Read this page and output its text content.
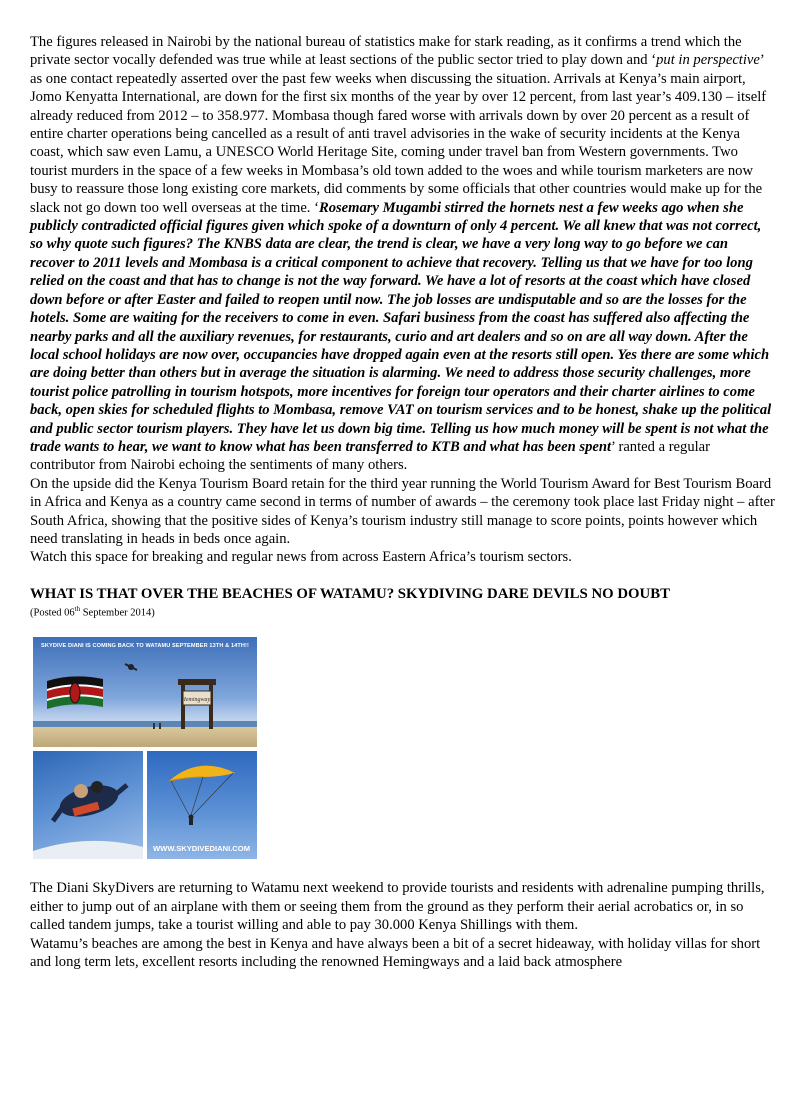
The figures released in Nairobi by the national bureau of statistics make for stark reading, as it confirms a trend which the private sector vocally defended was true while at least sections of the public sector tried to play down and ‘put in perspective’ as one contact repeatedly asserted over the past few weeks when discussing the situation. Arrivals at Kenya’s main airport, Jomo Kenyatta International, are down for the first six months of the year by over 12 percent, from last year’s 409.130 – itself already reduced from 2012 – to 358.977. Mombasa though fared worse with arrivals down by over 20 percent as a result of entire charter operations being cancelled as a result of anti travel advisories in the wake of security incidents at the Kenya coast, which saw even Lamu, a UNESCO World Heritage Site, coming under travel ban from Western governments. Two tourist murders in the space of a few weeks in Mombasa’s old town added to the woes and while tourism marketers are now busy to reassure those long existing core markets, did comments by some officials that other countries would make up for the slack not go down too well overseas at the time. ‘Rosemary Mugambi stirred the hornets nest a few weeks ago when she publicly contradicted official figures given which spoke of a downturn of only 4 percent. We all knew that was not correct, so why quote such figures? The KNBS data are clear, the trend is clear, we have a very long way to go before we can recover to 2011 levels and Mombasa is a critical component to achieve that recovery. Telling us that we have for too long relied on the coast and that has to change is not the way forward. We have a lot of resorts at the coast which have closed down before or after Easter and failed to reopen until now. The job losses are undisputable and so are the losses for the hotels. Some are waiting for the receivers to come in even. Safari business from the coast has suffered also affecting the nearby parks and all the auxiliary revenues, for restaurants, curio and art dealers and so on are all way down. After the local school holidays are now over, occupancies have dropped again even at the resorts still open. Yes there are some which are doing better than others but in average the situation is alarming. We need to address those security challenges, more tourist police patrolling in tourism hotspots, more incentives for foreign tour operators and their charter airlines to come back, open skies for scheduled flights to Mombasa, remove VAT on tourism services and to be honest, shake up the political and public sector tourism players. They have let us down big time. Telling us how much money will be spent is not what the trade wants to hear, we want to know what has been transferred to KTB and what has been spent’ ranted a regular contributor from Nairobi echoing the sentiments of many others.

On the upside did the Kenya Tourism Board retain for the third year running the World Tourism Award for Best Tourism Board in Africa and Kenya as a country came second in terms of number of awards – the ceremony took place last Friday night – after South Africa, showing that the positive sides of Kenya’s tourism industry still manage to score points, points however which need translating in heads in beds once again.

Watch this space for breaking and regular news from across Eastern Africa’s tourism sectors.

WHAT IS THAT OVER THE BEACHES OF WATAMU? SKYDIVING DARE DEVILS NO DOUBT

(Posted 06th September 2014)

Hemingways
SKYDIVE DIANI IS COMING BACK TO WATAMU SEPTEMBER 13TH & 14TH!!
WWW.SKYDIVEDIANI.COM

The Diani SkyDivers are returning to Watamu next weekend to provide tourists and residents with adrenaline pumping thrills, either to jump out of an airplane with them or seeing them from the ground as they perform their aerial acrobatics or, in so called tandem jumps, take a tourist willing and able to pay 30.000 Kenya Shillings with them.

Watamu’s beaches are among the best in Kenya and have always been a bit of a secret hideaway, with holiday villas for short and long term lets, excellent resorts including the renowned Hemingways and a laid back atmosphere
